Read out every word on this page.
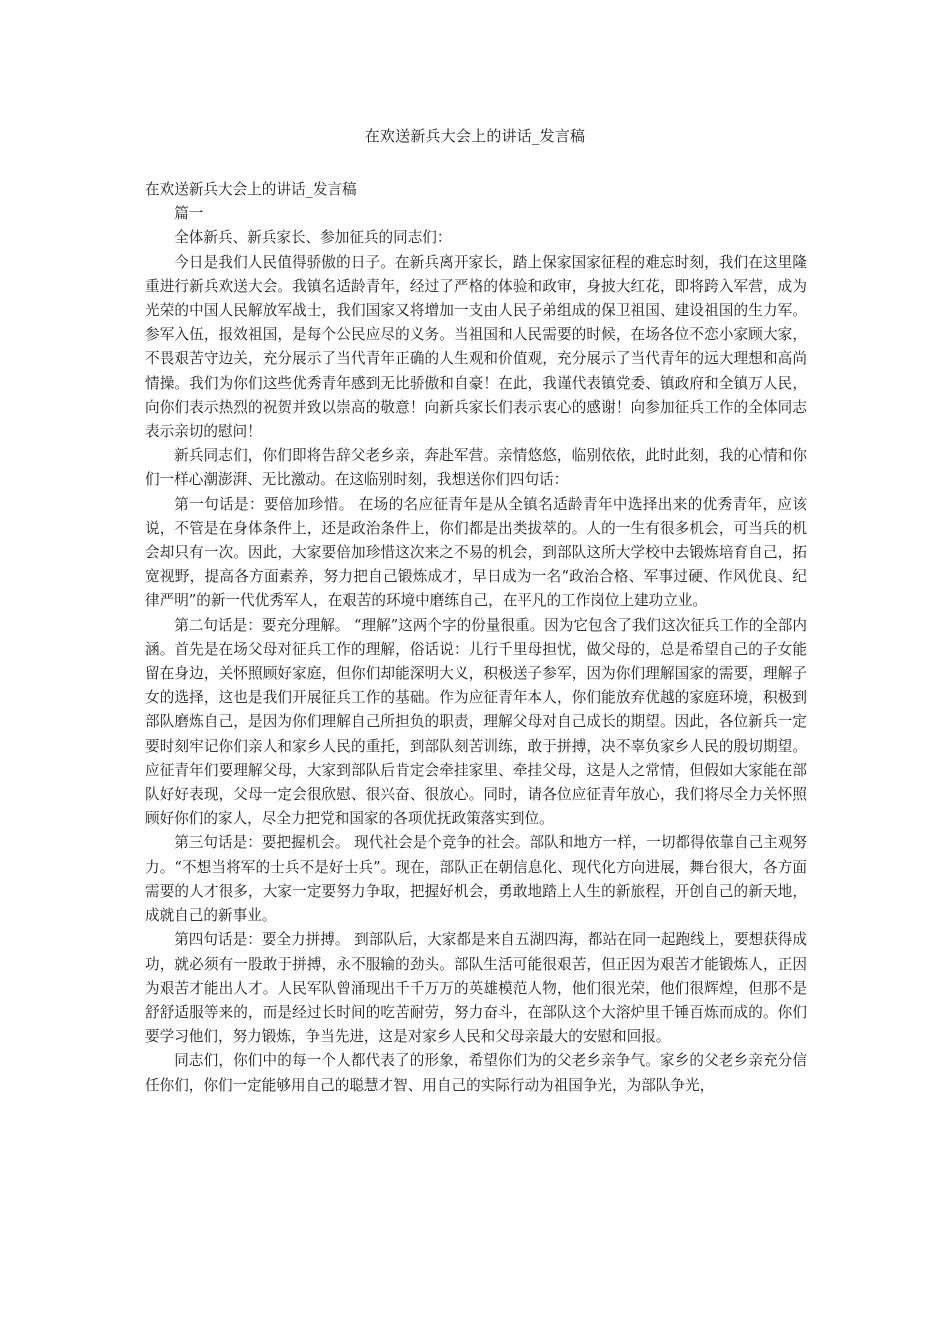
在欢送新兵大会上的讲话_发言稿

在欢送新兵大会上的讲话_发言稿

篇一

全体新兵、新兵家长、参加征兵的同志们：

今日是我们人民值得骄傲的日子。在新兵离开家长，踏上保家国家征程的难忘时刻，我们在这里隆重进行新兵欢送大会。我镇名适龄青年，经过了严格的体验和政审，身披大红花，即将跨入军营，成为光荣的中国人民解放军战士，我们国家又将增加一支由人民子弟组成的保卫祖国、建设祖国的生力军。参军入伍，报效祖国，是每个公民应尽的义务。当祖国和人民需要的时候，在场各位不恋小家顾大家，不畏艰苦守边关，充分展示了当代青年正确的人生观和价值观，充分展示了当代青年的远大理想和高尚情操。我们为你们这些优秀青年感到无比骄傲和自豪！在此，我谨代表镇党委、镇政府和全镇万人民，向你们表示热烈的祝贺并致以崇高的敬意！向新兵家长们表示衷心的感谢！向参加征兵工作的全体同志表示亲切的慰问！

新兵同志们，你们即将告辞父老乡亲，奔赴军营。亲情悠悠，临别依依，此时此刻，我的心情和你们一样心潮澎湃、无比激动。在这临别时刻，我想送你们四句话：

第一句话是：要倍加珍惜。 在场的名应征青年是从全镇名适龄青年中选择出来的优秀青年，应该说，不管是在身体条件上，还是政治条件上，你们都是出类拔萃的。人的一生有很多机会，可当兵的机会却只有一次。因此，大家要倍加珍惜这次来之不易的机会，到部队这所大学校中去锻炼培育自己，拓宽视野，提高各方面素养，努力把自己锻炼成才，早日成为一名“政治合格、军事过硬、作风优良、纪律严明”的新一代优秀军人，在艰苦的环境中磨练自己，在平凡的工作岗位上建功立业。

第二句话是：要充分理解。 “理解”这两个字的份量很重。因为它包含了我们这次征兵工作的全部内涵。首先是在场父母对征兵工作的理解，俗话说：儿行千里母担忧，做父母的，总是希望自己的子女能留在身边，关怀照顾好家庭，但你们却能深明大义，积极送子参军，因为你们理解国家的需要，理解子女的选择，这也是我们开展征兵工作的基础。作为应征青年本人，你们能放弃优越的家庭环境，积极到部队磨炼自己，是因为你们理解自己所担负的职责，理解父母对自己成长的期望。因此，各位新兵一定要时刻牢记你们亲人和家乡人民的重托，到部队刻苦训练，敢于拼搏，决不辜负家乡人民的殷切期望。应征青年们要理解父母，大家到部队后肯定会牵挂家里、牵挂父母，这是人之常情，但假如大家能在部队好好表现，父母一定会很欣慰、很兴奋、很放心。同时，请各位应征青年放心，我们将尽全力关怀照顾好你们的家人，尽全力把党和国家的各项优抚政策落实到位。

第三句话是：要把握机会。 现代社会是个竞争的社会。部队和地方一样，一切都得依靠自己主观努力。“不想当将军的士兵不是好士兵”。现在，部队正在朝信息化、现代化方向进展，舞台很大，各方面需要的人才很多，大家一定要努力争取，把握好机会，勇敢地踏上人生的新旅程，开创自己的新天地，成就自己的新事业。

第四句话是：要全力拼搏。 到部队后，大家都是来自五湖四海，都站在同一起跑线上，要想获得成功，就必须有一股敢于拼搏，永不服输的劲头。部队生活可能很艰苦，但正因为艰苦才能锻炼人，正因为艰苦才能出人才。人民军队曾涌现出千千万万的英雄模范人物，他们很光荣，他们很辉煌，但那不是舒舒适服等来的，而是经过长时间的吃苦耐劳，努力奋斗，在部队这个大溶炉里千锤百炼而成的。你们要学习他们，努力锻炼，争当先进，这是对家乡人民和父母亲最大的安慰和回报。

同志们，你们中的每一个人都代表了的形象，希望你们为的父老乡亲争气。家乡的父老乡亲充分信任你们，你们一定能够用自己的聪慧才智、用自己的实际行动为祖国争光，为部队争光，
